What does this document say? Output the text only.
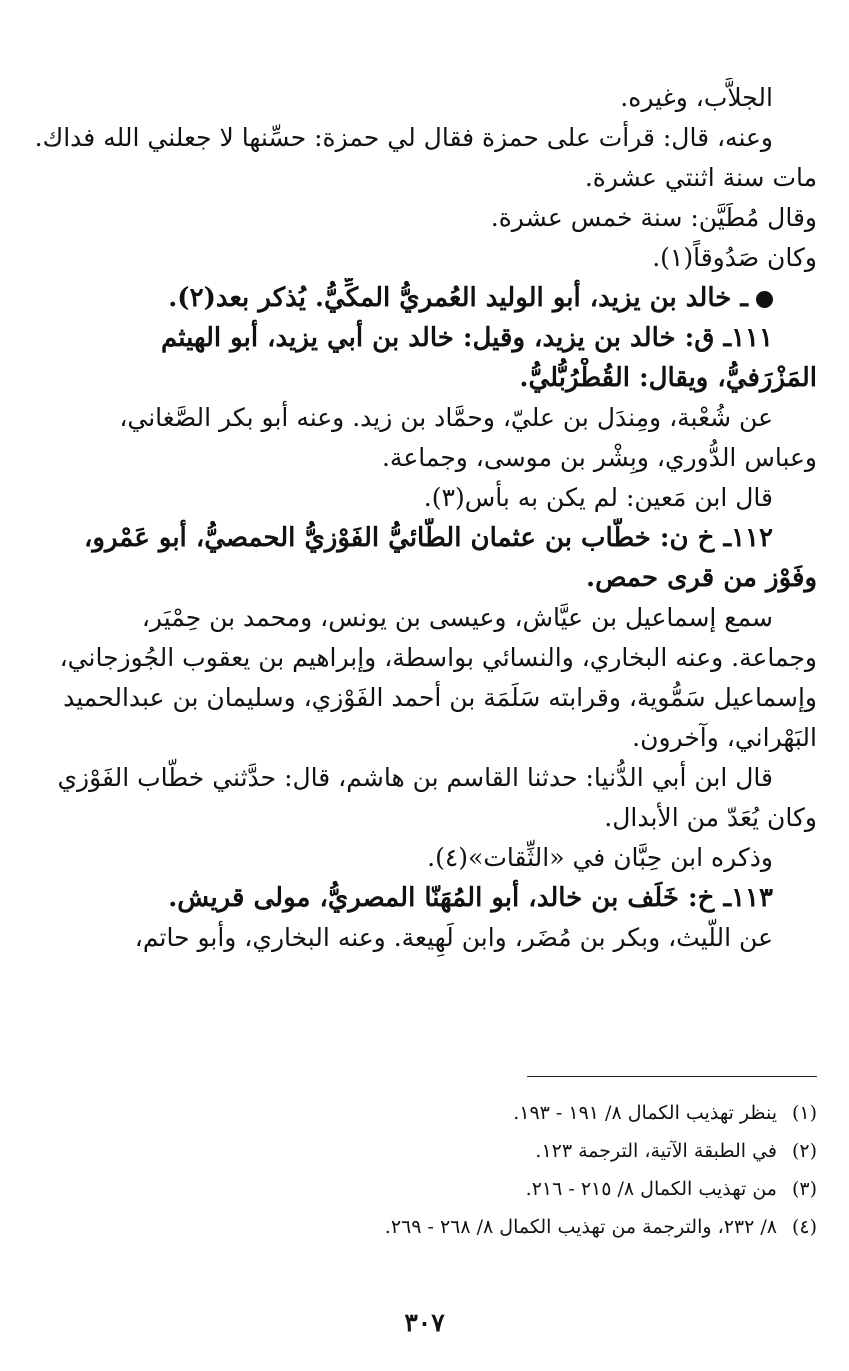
الجلاَّب، وغيره.
وعنه، قال: قرأت على حمزة فقال لي حمزة: حسِّنها لا جعلني الله فداك.
مات سنة اثنتي عشرة.
وقال مُطَيَّن: سنة خمس عشرة.
وكان صَدُوقاً(١).
ـ خالد بن يزيد، أبو الوليد العُمريُّ المكِّيُّ. يُذكر بعد(٢).
١١١ـ ق: خالد بن يزيد، وقيل: خالد بن أبي يزيد، أبو الهيثم
المَزْرَفيُّ، ويقال: القُطْرُبُّليُّ.
عن شُعْبة، ومِندَل بن عليّ، وحمَّاد بن زيد. وعنه أبو بكر الصَّغاني،
وعباس الدُّوري، وبِشْر بن موسى، وجماعة.
قال ابن مَعين: لم يكن به بأس(٣).
١١٢ـ خ ن: خطَّاب بن عثمان الطَّائيُّ الفَوْزيُّ الحمصيُّ، أبو عَمْرو،
وفَوْز من قرى حمص.
سمع إسماعيل بن عيَّاش، وعيسى بن يونس، ومحمد بن حِمْيَر،
وجماعة. وعنه البخاري، والنسائي بواسطة، وإبراهيم بن يعقوب الجُوزجاني،
وإسماعيل سَمُّوية، وقرابته سَلَمَة بن أحمد الفَوْزي، وسليمان بن عبدالحميد
البَهْراني، وآخرون.
قال ابن أبي الدُّنيا: حدثنا القاسم بن هاشم، قال: حدَّثني خطَّاب الفَوْزي
وكان يُعَدّ من الأبدال.
وذكره ابن حِبَّان في «الثِّقات»(٤).
١١٣ـ خ: خَلَف بن خالد، أبو المُهَنّا المصريُّ، مولى قريش.
عن اللَّيث، وبكر بن مُضَر، وابن لَهِيعة. وعنه البخاري، وأبو حاتم،
(١)ينظر تهذيب الكمال ٨/ ١٩١ - ١٩٣.
(٢)في الطبقة الآتية، الترجمة ١٢٣.
(٣)من تهذيب الكمال ٨/ ٢١٥ - ٢١٦.
(٤)٨/ ٢٣٢، والترجمة من تهذيب الكمال ٨/ ٢٦٨ - ٢٦٩.
٣٠٧
